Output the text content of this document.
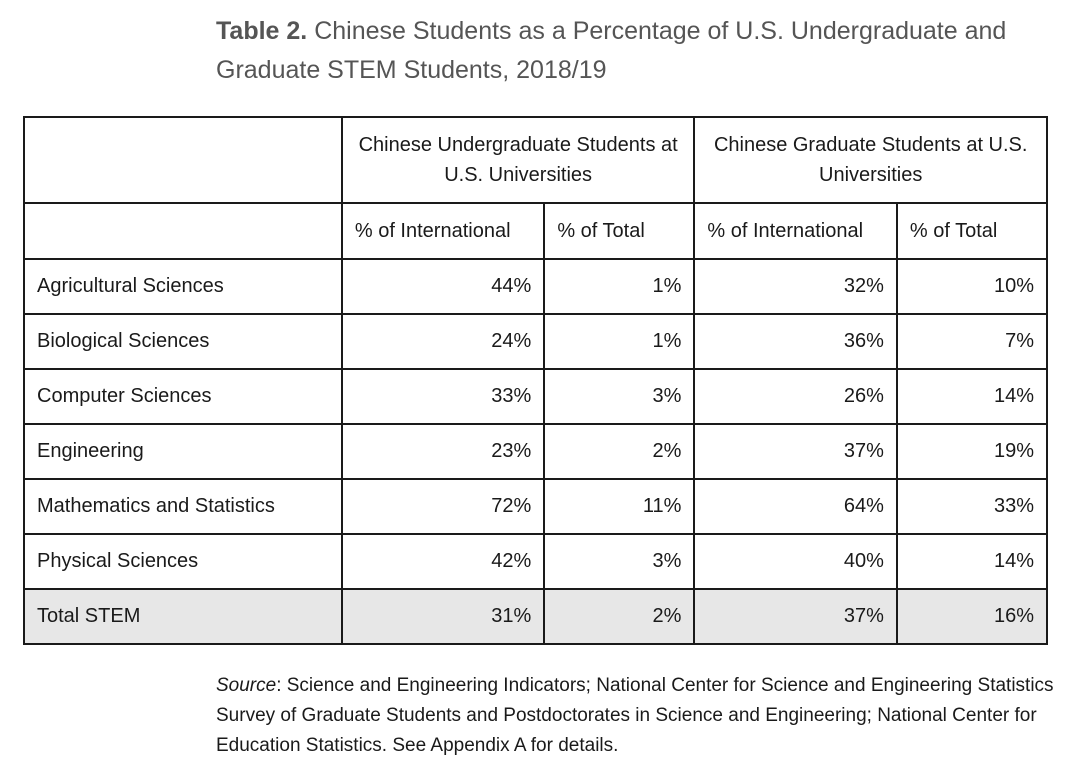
Table 2. Chinese Students as a Percentage of U.S. Undergraduate and Graduate STEM Students, 2018/19
	Chinese Undergraduate Students at U.S. Universities		Chinese Graduate Students at U.S. Universities	
	% of International	% of Total	% of International	% of Total
Agricultural Sciences	44%	1%	32%	10%
Biological Sciences	24%	1%	36%	7%
Computer Sciences	33%	3%	26%	14%
Engineering	23%	2%	37%	19%
Mathematics and Statistics	72%	11%	64%	33%
Physical Sciences	42%	3%	40%	14%
Total STEM	31%	2%	37%	16%
Source: Science and Engineering Indicators; National Center for Science and Engineering Statistics Survey of Graduate Students and Postdoctorates in Science and Engineering; National Center for Education Statistics. See Appendix A for details.
